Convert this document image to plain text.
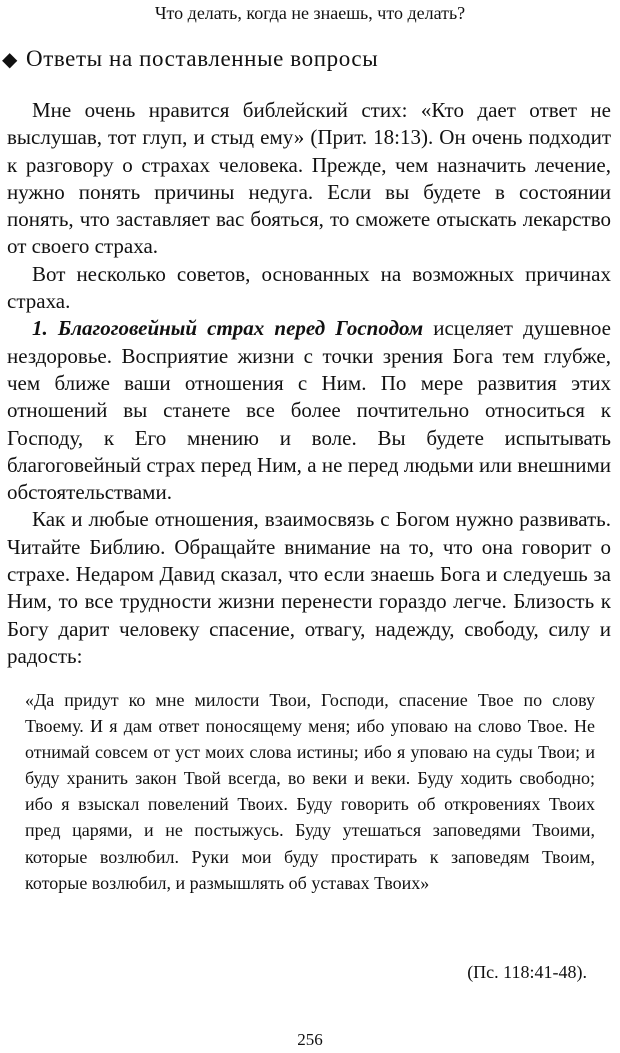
Что делать, когда не знаешь, что делать?
◆ Ответы на поставленные вопросы

Мне очень нравится библейский стих: «Кто дает ответ не выслушав, тот глуп, и стыд ему» (Прит. 18:13). Он очень подходит к разговору о страхах человека. Прежде, чем назначить лечение, нужно понять причины недуга. Если вы будете в состоянии понять, что заставляет вас бояться, то сможете отыскать лекарство от своего страха.

Вот несколько советов, основанных на возможных причинах страха.

1. Благоговейный страх перед Господом исцеляет душевное нездоровье. Восприятие жизни с точки зрения Бога тем глубже, чем ближе ваши отношения с Ним. По мере развития этих отношений вы станете все более почтительно относиться к Господу, к Его мнению и воле. Вы будете испытывать благоговейный страх перед Ним, а не перед людьми или внешними обстоятельствами.

Как и любые отношения, взаимосвязь с Богом нужно развивать. Читайте Библию. Обращайте внимание на то, что она говорит о страхе. Недаром Давид сказал, что если знаешь Бога и следуешь за Ним, то все трудности жизни перенести гораздо легче. Близость к Богу дарит человеку спасение, отвагу, надежду, свободу, силу и радость:

«Да придут ко мне милости Твои, Господи, спасение Твое по слову Твоему. И я дам ответ поносящему меня; ибо уповаю на слово Твое. Не отнимай совсем от уст моих слова истины; ибо я уповаю на суды Твои; и буду хранить закон Твой всегда, во веки и веки. Буду ходить свободно; ибо я взыскал повелений Твоих. Буду говорить об откровениях Твоих пред царями, и не постыжусь. Буду утешаться заповедями Твоими, которые возлюбил. Руки мои буду простирать к заповедям Твоим, которые возлюбил, и размышлять об уставах Твоих»
(Пс. 118:41-48).
256
